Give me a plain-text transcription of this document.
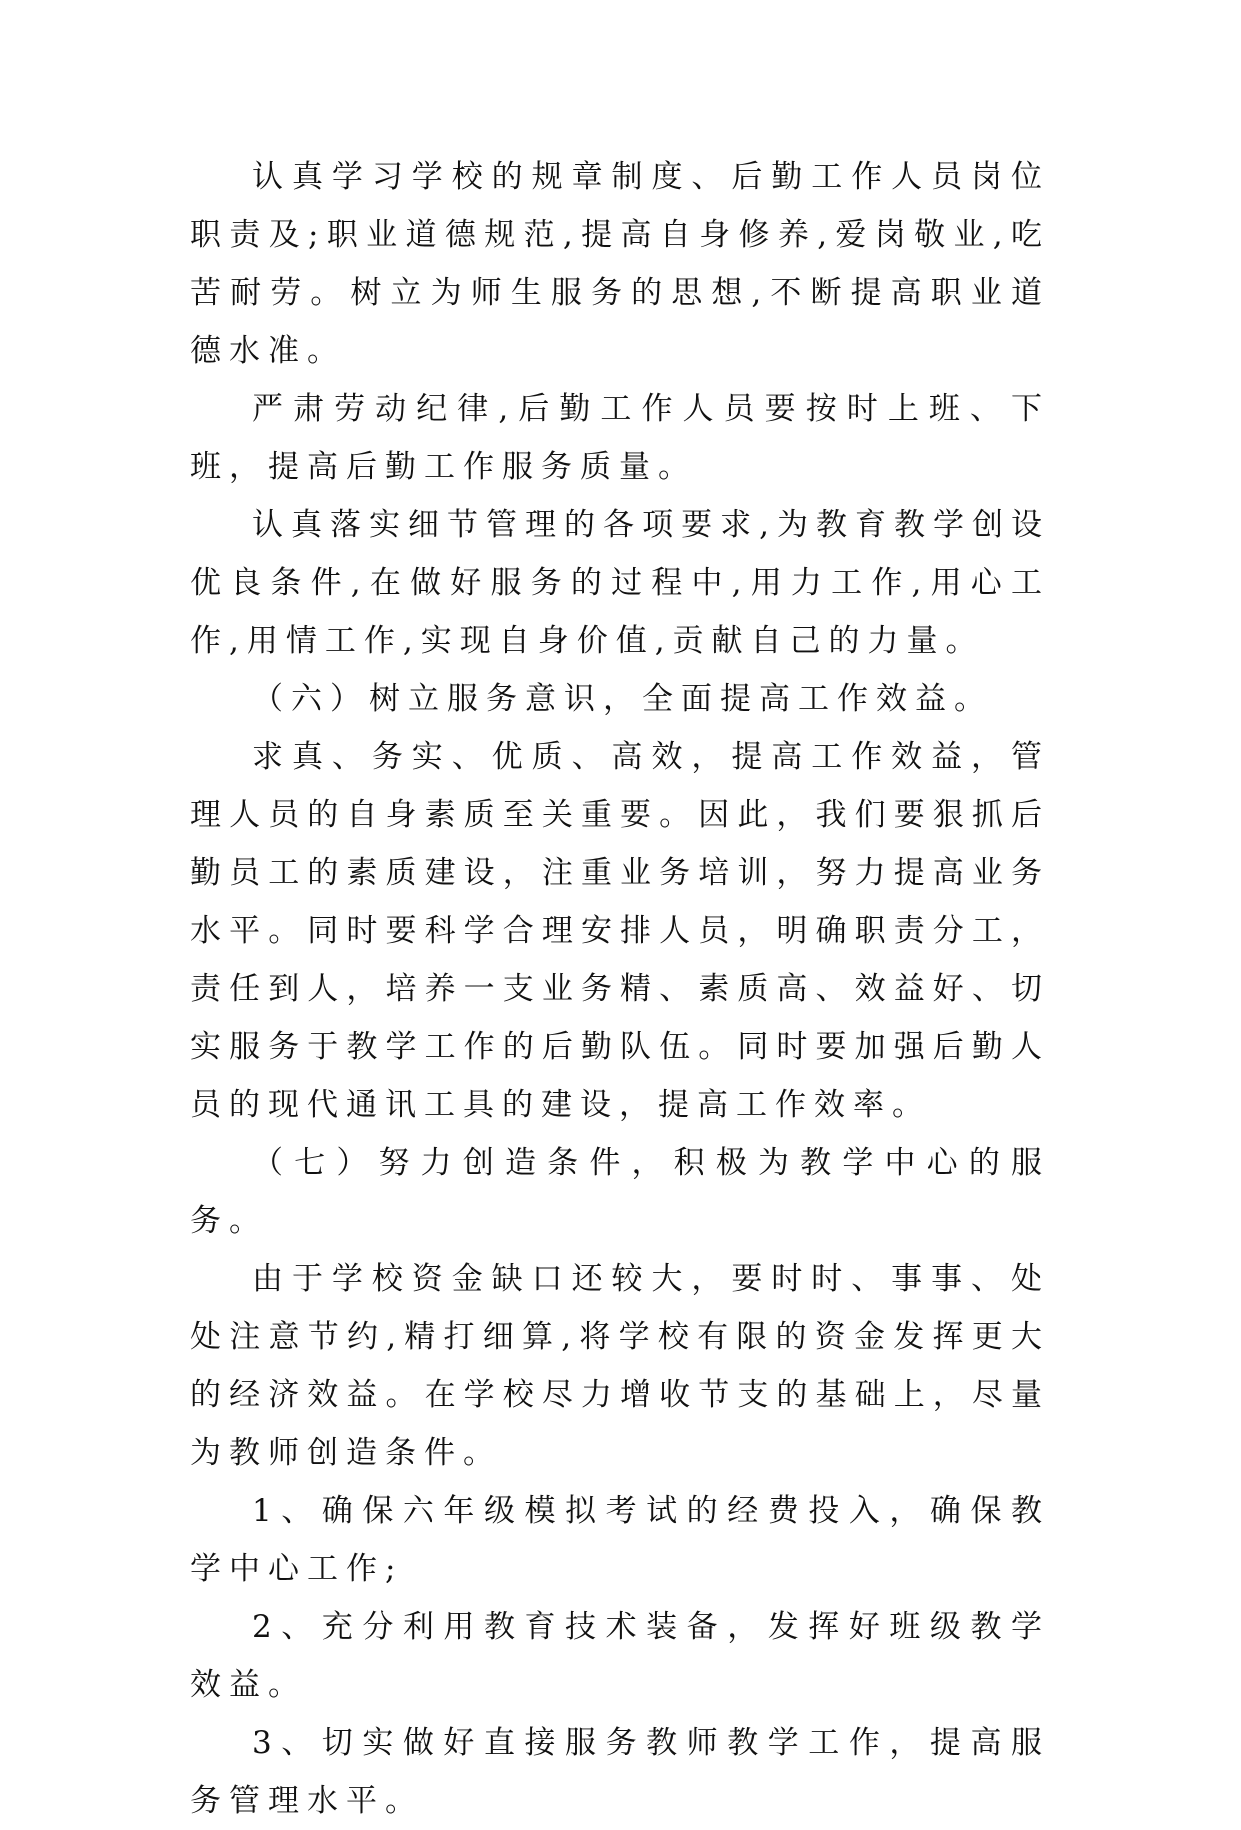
认真学习学校的规章制度、后勤工作人员岗位职责及;职业道德规范,提高自身修养,爱岗敬业,吃苦耐劳。树立为师生服务的思想,不断提高职业道德水准。

严肃劳动纪律,后勤工作人员要按时上班、下班，提高后勤工作服务质量。

认真落实细节管理的各项要求,为教育教学创设优良条件,在做好服务的过程中,用力工作,用心工作,用情工作,实现自身价值,贡献自己的力量。

（六）树立服务意识，全面提高工作效益。

求真、务实、优质、高效，提高工作效益，管理人员的自身素质至关重要。因此，我们要狠抓后勤员工的素质建设，注重业务培训，努力提高业务水平。同时要科学合理安排人员，明确职责分工，责任到人，培养一支业务精、素质高、效益好、切实服务于教学工作的后勤队伍。同时要加强后勤人员的现代通讯工具的建设，提高工作效率。

（七）努力创造条件，积极为教学中心的服务。

由于学校资金缺口还较大，要时时、事事、处处注意节约,精打细算,将学校有限的资金发挥更大的经济效益。在学校尽力增收节支的基础上，尽量为教师创造条件。

1、确保六年级模拟考试的经费投入，确保教学中心工作;

2、充分利用教育技术装备，发挥好班级教学效益。

3、切实做好直接服务教师教学工作，提高服务管理水平。
